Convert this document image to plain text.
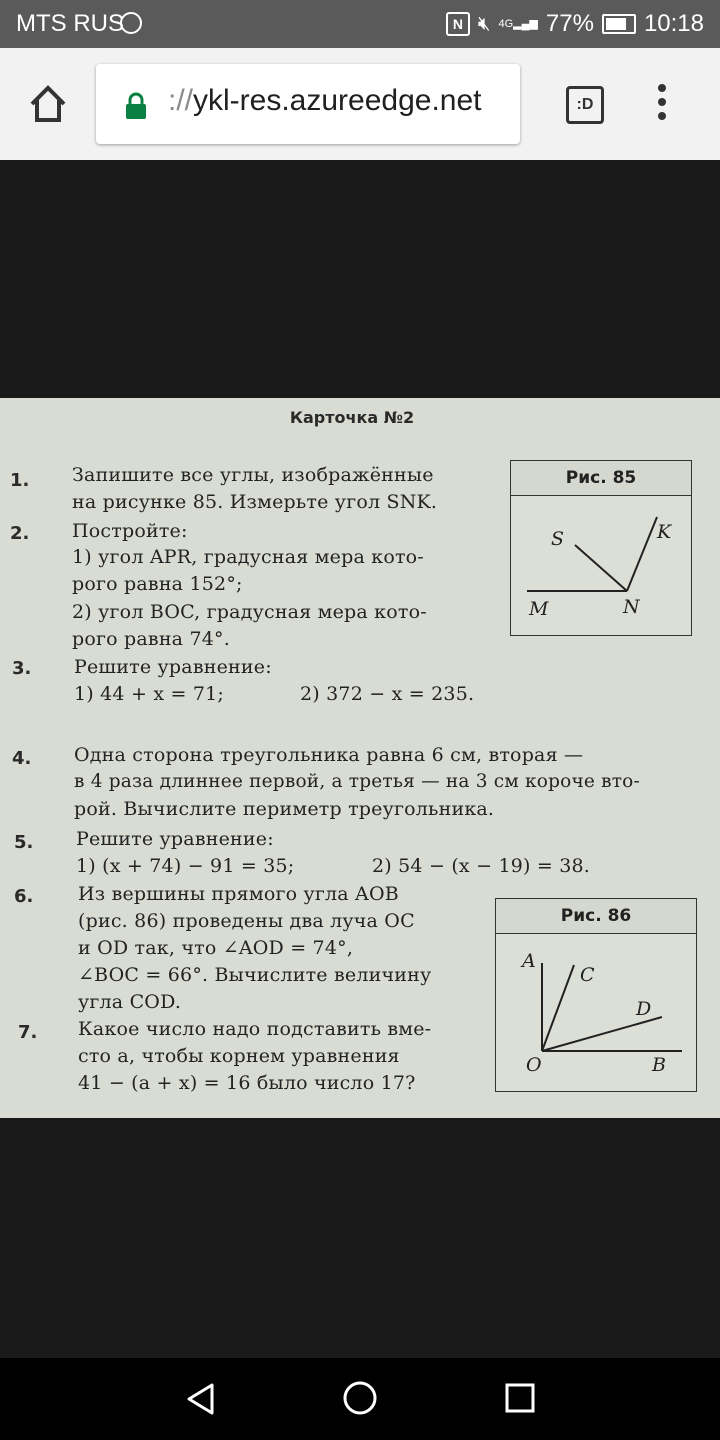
MTS RUS	N 🔇︎ 4G▂▄▆ 77% 10:18
://ykl-res.azureedge.net	:D
Карточка №2
1.
2.
3.
4.
5.
6.
7.
Запишите все углы, изображённые
на рисунке 85. Измерьте угол SNK.
Постройте:
1) угол APR, градусная мера кото-
рого равна 152°;
2) угол BOC, градусная мера кото-
рого равна 74°.
Решите уравнение:
1) 44 + x = 71;	2) 372 − x = 235.
Одна сторона треугольника равна 6 см, вторая —
в 4 раза длиннее первой, а третья — на 3 см короче вто-
рой. Вычислите периметр треугольника.
Решите уравнение:
1) (x + 74) − 91 = 35;	2) 54 − (x − 19) = 38.
Из вершины прямого угла AOB
(рис. 86) проведены два луча OC
и OD так, что ∠AOD = 74°,
∠BOC = 66°. Вычислите величину
угла COD.
Какое число надо подставить вме-
сто a, чтобы корнем уравнения
41 − (a + x) = 16 было число 17?
S	K
M	N
Рис. 85
A
C
D
O	B
Рис. 86
